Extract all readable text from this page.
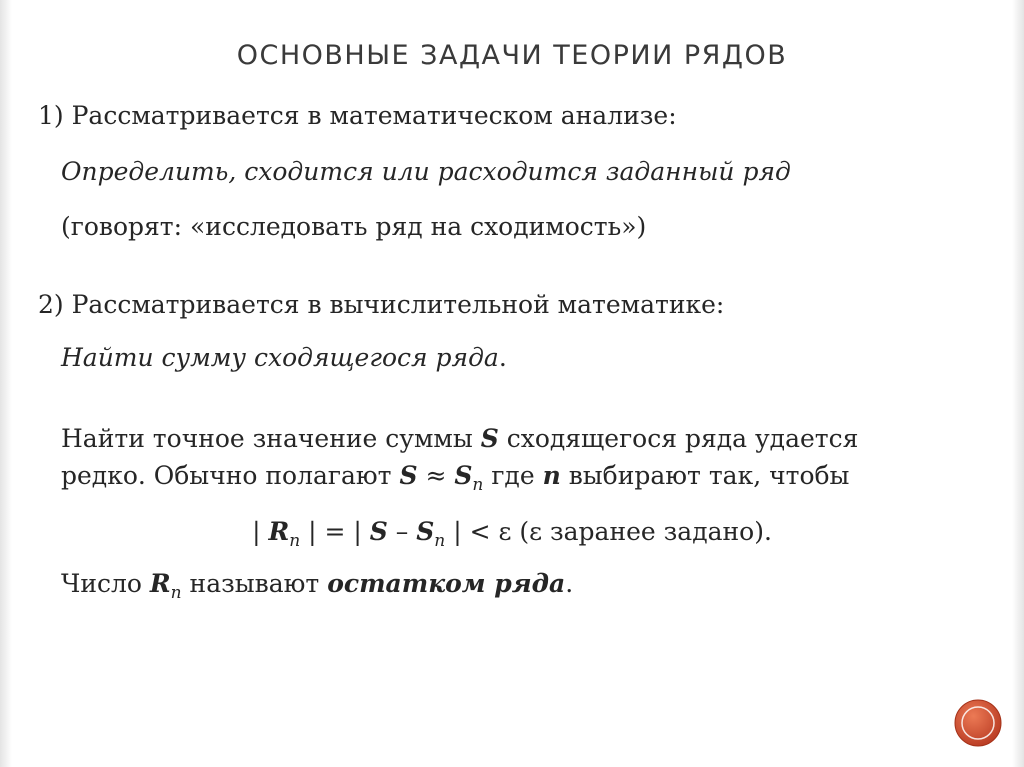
ОСНОВНЫЕ ЗАДАЧИ ТЕОРИИ РЯДОВ
1) Рассматривается в математическом анализе:
Определить, сходится или расходится заданный ряд
(говорят: «исследовать ряд на сходимость»)
2) Рассматривается в вычислительной математике:
Найти сумму сходящегося ряда.
Найти точное значение суммы S сходящегося ряда удается
редко. Обычно полагают $S \approx S_n$ где n выбирают так, чтобы
| $R_n$ | = | S – $S_n$ | < ε (ε заранее задано).
Число $R_n$ называют остатком ряда.
